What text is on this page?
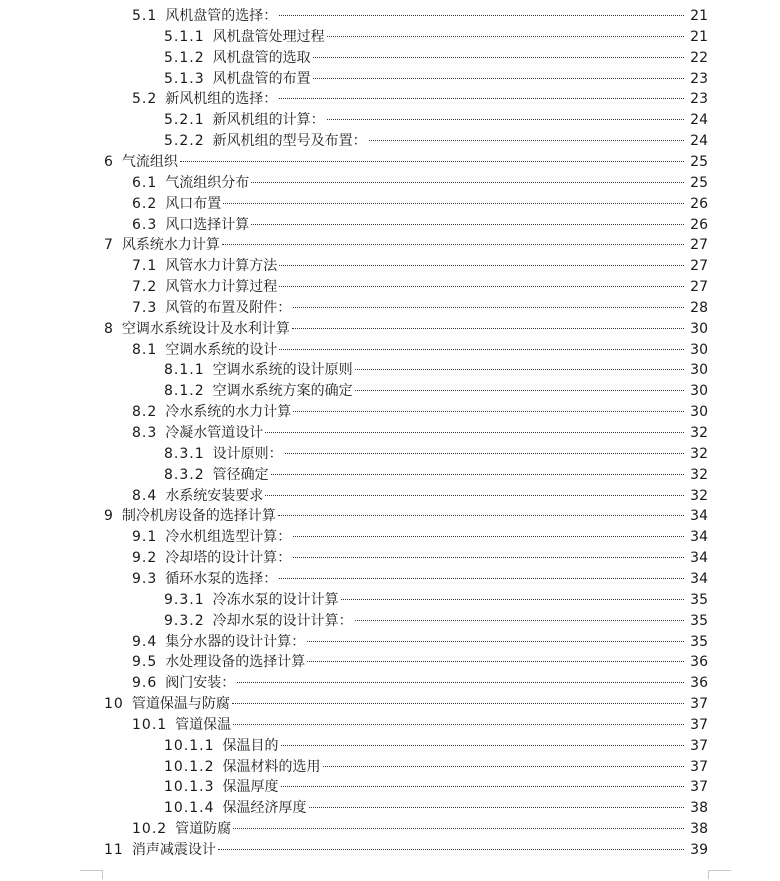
5.1 风机盘管的选择：	21
5.1.1 风机盘管处理过程	21
5.1.2 风机盘管的选取	22
5.1.3 风机盘管的布置	23
5.2 新风机组的选择：	23
5.2.1 新风机组的计算：	24
5.2.2 新风机组的型号及布置：	24
6 气流组织	25
6.1 气流组织分布	25
6.2 风口布置	26
6.3 风口选择计算	26
7 风系统水力计算	27
7.1 风管水力计算方法	27
7.2 风管水力计算过程	27
7.3 风管的布置及附件：	28
8 空调水系统设计及水利计算	30
8.1 空调水系统的设计	30
8.1.1 空调水系统的设计原则	30
8.1.2 空调水系统方案的确定	30
8.2 冷水系统的水力计算	30
8.3 冷凝水管道设计	32
8.3.1 设计原则：	32
8.3.2 管径确定	32
8.4 水系统安装要求	32
9 制冷机房设备的选择计算	34
9.1 冷水机组选型计算：	34
9.2 冷却塔的设计计算：	34
9.3 循环水泵的选择：	34
9.3.1 冷冻水泵的设计计算	35
9.3.2 冷却水泵的设计计算：	35
9.4 集分水器的设计计算：	35
9.5 水处理设备的选择计算	36
9.6 阀门安装：	36
10 管道保温与防腐	37
10.1 管道保温	37
10.1.1 保温目的	37
10.1.2 保温材料的选用	37
10.1.3 保温厚度	37
10.1.4 保温经济厚度	38
10.2 管道防腐	38
11 消声减震设计	39
